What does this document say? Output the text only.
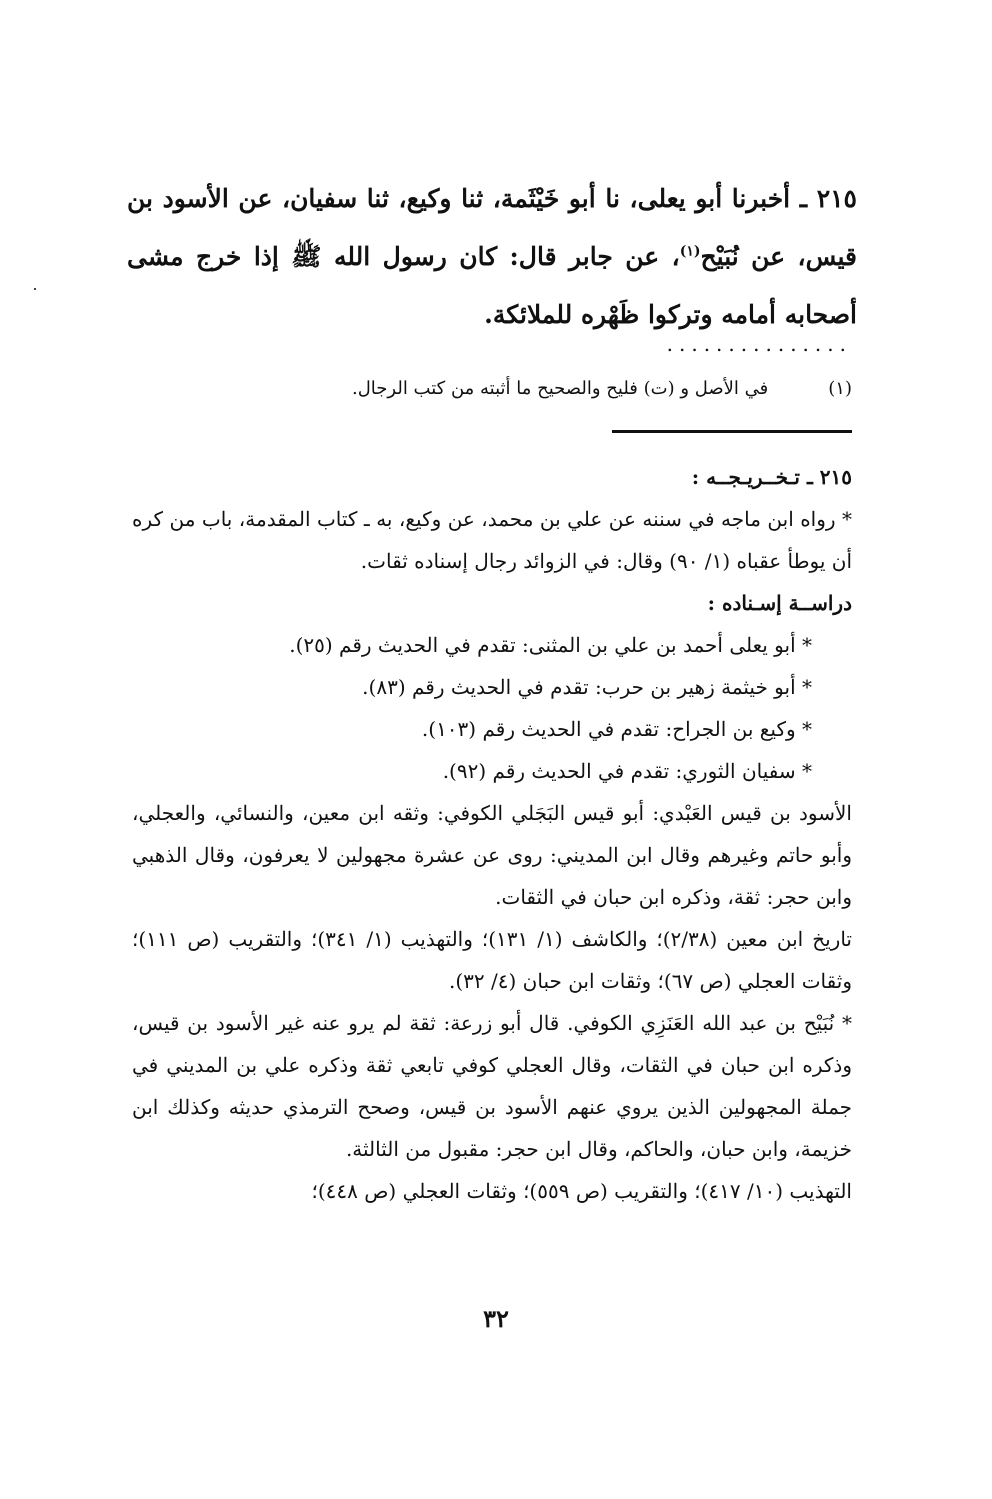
٢١٥ ـ أخبرنا أبو يعلى، نا أبو خَيْثَمة، ثنا وكيع، ثنا سفيان، عن الأسود بن قيس، عن نُبَيْح$^{(١)}$، عن جابر قال: كان رسول الله ﷺ إذا خرج مشى أصحابه أمامه وتركوا ظَهْره للملائكة.
...............
(١)
في الأصل و (ت) فليح والصحيح ما أثبته من كتب الرجال.

٢١٥ ـ تـخــريـجــه :

* رواه ابن ماجه في سننه عن علي بن محمد، عن وكيع، به ـ كتاب المقدمة، باب من كره أن يوطأ عقباه (١/ ٩٠) وقال: في الزوائد رجال إسناده ثقات.

دراســة إسـناده :

* أبو يعلى أحمد بن علي بن المثنى: تقدم في الحديث رقم (٢٥).

* أبو خيثمة زهير بن حرب: تقدم في الحديث رقم (٨٣).

* وكيع بن الجراح: تقدم في الحديث رقم (١٠٣).

* سفيان الثوري: تقدم في الحديث رقم (٩٢).

الأسود بن قيس العَبْدي: أبو قيس البَجَلي الكوفي: وثقه ابن معين، والنسائي، والعجلي، وأبو حاتم وغيرهم وقال ابن المديني: روى عن عشرة مجهولين لا يعرفون، وقال الذهبي وابن حجر: ثقة، وذكره ابن حبان في الثقات.

تاريخ ابن معين (٢/٣٨)؛ والكاشف (١/ ١٣١)؛ والتهذيب (١/ ٣٤١)؛ والتقريب (ص ١١١)؛ وثقات العجلي (ص ٦٧)؛ وثقات ابن حبان (٤/ ٣٢).

* نُبَيْح بن عبد الله العَنَزِي الكوفي. قال أبو زرعة: ثقة لم يرو عنه غير الأسود بن قيس، وذكره ابن حبان في الثقات، وقال العجلي كوفي تابعي ثقة وذكره علي بن المديني في جملة المجهولين الذين يروي عنهم الأسود بن قيس، وصحح الترمذي حديثه وكذلك ابن خزيمة، وابن حبان، والحاكم، وقال ابن حجر: مقبول من الثالثة.

التهذيب (١٠/ ٤١٧)؛ والتقريب (ص ٥٥٩)؛ وثقات العجلي (ص ٤٤٨)؛

٣٢
